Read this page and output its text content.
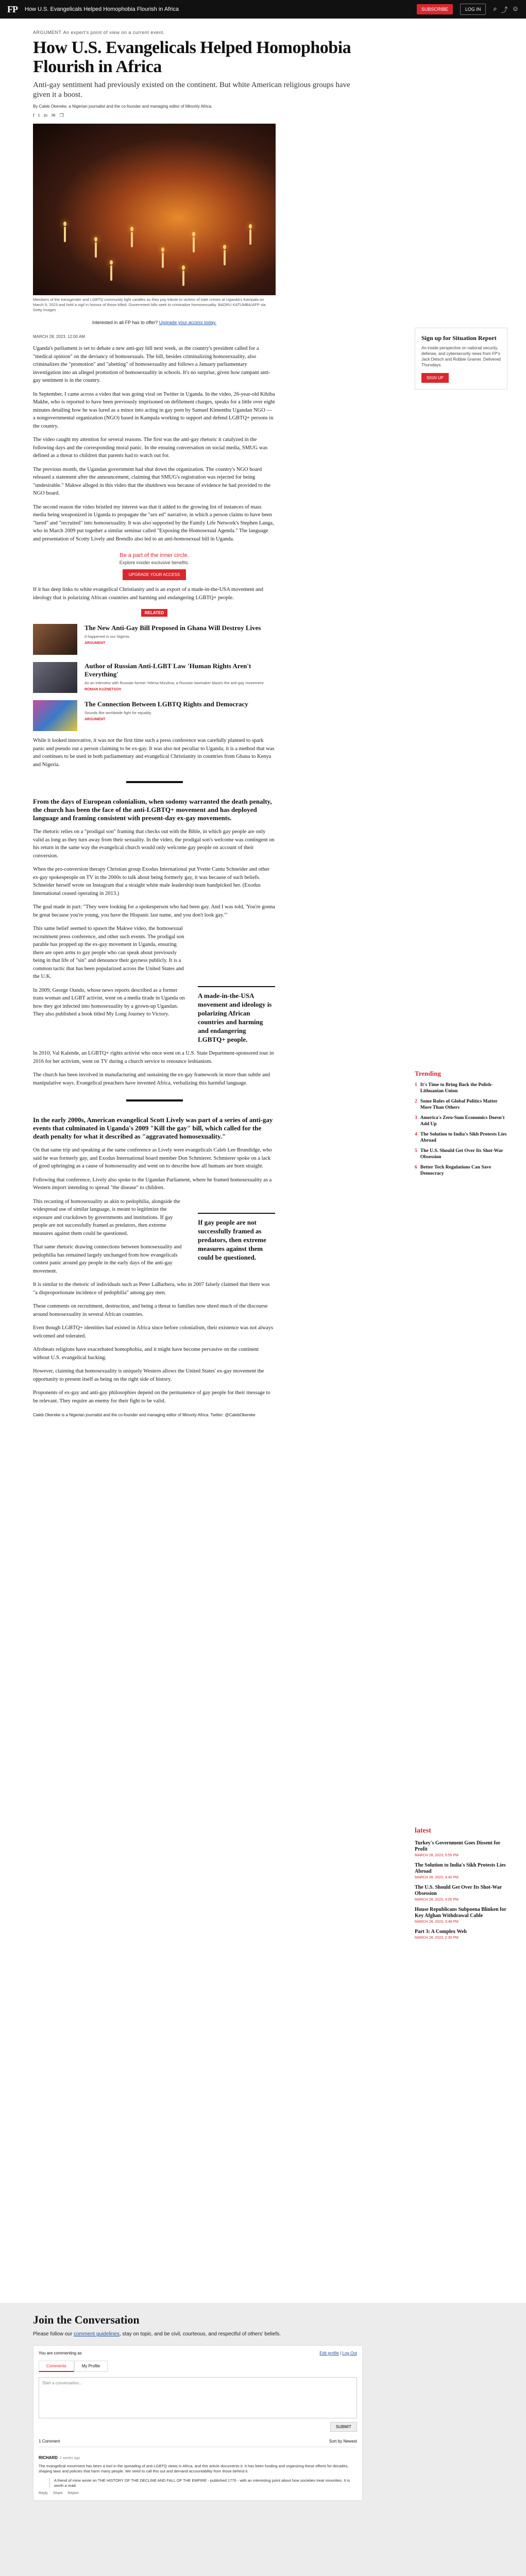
FP How U.S. Evangelicals Helped Homophobia Flourish in Africa	SUBSCRIBE	LOG IN	⌕ ⤴ ☺
ARGUMENT An expert's point of view on a current event.
How U.S. Evangelicals Helped Homophobia Flourish in Africa
Anti-gay sentiment had previously existed on the continent. But white American religious groups have given it a boost.
By Caleb Okereke, a Nigerian journalist and the co-founder and managing editor of Minority Africa.
f t in ✉ ❐
Members of the transgender and LGBTQ community light candles as they pay tribute to victims of hate crimes at Uganda's Kampala on March 9, 2023 and hold a vigil in honour of those killed. Government bills seek to criminalize homosexuality. BADRU KATUMBA/AFP via Getty Images
Interested in all FP has to offer? Upgrade your access today.
MARCH 28, 2023, 12:00 AM

Uganda's parliament is set to debate a new anti-gay bill next week, as the country's president called for a "medical opinion" on the deviancy of homosexuals. The bill, besides criminalizing homosexuality, also criminalizes the "promotion" and "abetting" of homosexuality and follows a January parliamentary investigation into an alleged promotion of homosexuality in schools. It's no surprise, given how rampant anti-gay sentiment is in the country.

In September, I came across a video that was going viral on Twitter in Uganda. In the video, 26-year-old Kibiba Makhe, who is reported to have been previously imprisoned on defilement charges, speaks for a little over eight minutes detailing how he was lured as a minor into acting in gay porn by Samuel Kimenthu Ugandan NGO — a nongovernmental organization (NGO) based in Kampala working to support and defend LGBTQ+ persons in the country.

The video caught my attention for several reasons. The first was the anti-gay rhetoric it catalyzed in the following days and the corresponding moral panic. In the ensuing conversation on social media, SMUG was defined as a threat to children that parents had to watch out for.

The previous month, the Ugandan government had shut down the organization. The country's NGO board released a statement after the announcement, claiming that SMUG's registration was rejected for being "undesirable." Makwe alleged in this video that the shutdown was because of evidence he had provided to the NGO board.

The second reason the video bristled my interest was that it added to the growing list of instances of mass media being weaponized in Uganda to propagate the "sex ed" narrative, in which a person claims to have been "lured" and "recruited" into homosexuality. It was also supported by the Family Life Network's Stephen Langa, who in March 2009 put together a similar seminar called "Exposing the Homosexual Agenda." The language and presentation of Scotty Lively and Brendlo also led to an anti-homosexual bill in Uganda.

Be a part of the inner circle.
Explore insider exclusive benefits.
UPGRADE YOUR ACCESS

If it has deep links to white evangelical Christianity and is an export of a made-in-the-USA movement and ideology that is polarizing African countries and harming and endangering LGBTQ+ people.

RELATED
The New Anti-Gay Bill Proposed in Ghana Will Destroy Lives
It happened in our Nigeria.
ARGUMENT
Author of Russian Anti-LGBT Law 'Human Rights Aren't Everything'
As an interview with Russian former Yelena Mizulina, a Russian lawmaker blazes the anti-gay movement.
ROMAN KUZNETSOV
The Connection Between LGBTQ Rights and Democracy
Sounds like worldwide fight for equality.
ARGUMENT

While it looked innovative, it was not the first time such a press conference was carefully planned to spark panic and pseudo out a person claiming to be ex-gay. It was also not peculiar to Uganda; it is a method that was and continues to be used in both parliamentary and evangelical Christianity in countries from Ghana to Kenya and Nigeria.

From the days of European colonialism, when sodomy warranted the death penalty, the church has been the face of the anti-LGBTQ+ movement and has deployed language and framing consistent with present-day ex-gay movements.

The rhetoric relies on a "prodigal son" framing that checks out with the Bible, in which gay people are only valid as long as they turn away from their sexuality. In the video, the prodigal son's welcome was contingent on his return in the same way the evangelical church would only welcome gay people on account of their conversion.

When the pro-conversion therapy Christian group Exodus International put Yvette Cantu Schneider and other ex-gay spokespeople on TV in the 2000s to talk about being formerly gay, it was because of such beliefs. Schneider herself wrote on Instagram that a straight white male leadership team handpicked her. (Exodus International ceased operating in 2013.)

The goal made in part: "They were looking for a spokesperson who had been gay. And I was told, 'You're gonna be great because you're young, you have the Hispanic last name, and you don't look gay.'"

This same belief seemed to spawn the Makwe video, the homosexual recruitment press conference, and other such events. The prodigal son parable has propped up the ex-gay movement in Uganda, ensuring there are open arms to gay people who can speak about previously being in that life of "sin" and denounce their gayness publicly. It is a common tactic that has been popularized across the United States and the U.K.

In 2009, George Oundo, whose news reports described as a former trans woman and LGBT activist, went on a media tirade in Uganda on how they got infected into homosexuality by a grown-up Ugandan. They also published a book titled My Long Journey to Victory.

A made-in-the-USA movement and ideology is polarizing African countries and harming and endangering LGBTQ+ people.

In 2010, Val Kalende, an LGBTQ+ rights activist who once went on a U.S. State Department-sponsored tour in 2016 for her activism, went on TV during a church service to renounce lesbianism.

The church has been involved in manufacturing and sustaining the ex-gay framework in more than subtle and manipulative ways. Evangelical preachers have invented Africa, verbalizing this harmful language.

In the early 2000s, American evangelical Scott Lively was part of a series of anti-gay events that culminated in Uganda's 2009 "Kill the gay" bill, which called for the death penalty for what it described as "aggravated homosexuality."

On that same trip and speaking at the same conference as Lively were evangelicals Caleb Lee Brundidge, who said he was formerly gay, and Exodus International board member Don Schmierer. Schmierer spoke on a lack of good upbringing as a cause of homosexuality and went on to describe how all humans are born straight.

Following that conference, Lively also spoke to the Ugandan Parliament, where he framed homosexuality as a Western import intending to spread "the disease" to children.

This recasting of homosexuality as akin to pedophilia, alongside the widespread use of similar language, is meant to legitimize the exposure and crackdown by governments and institutions. If gay people are not successfully framed as predators, then extreme measures against them could be questioned.

That same rhetoric drawing connections between homosexuality and pedophilia has remained largely unchanged from how evangelicals contest panic around gay people in the early days of the anti-gay movement.

If gay people are not successfully framed as predators, then extreme measures against them could be questioned.

It is similar to the rhetoric of individuals such as Peter LaBarbera, who in 2007 falsely claimed that there was "a disproportionate incidence of pedophilia" among gay men.

These comments on recruitment, destruction, and being a threat to families now shred much of the discourse around homosexuality in several African countries.

Even though LGBTQ+ identities had existed in Africa since before colonialism, their existence was not always welcomed and tolerated.

Afrobeats religions have exacerbated homophobia, and it might have become pervasive on the continent without U.S. evangelical backing.

However, claiming that homosexuality is uniquely Western allows the United States' ex-gay movement the opportunity to present itself as being on the right side of history.

Proponents of ex-gay and anti-gay philosophies depend on the permanence of gay people for their message to be relevant. They require an enemy for their fight to be valid.

Caleb Okereke is a Nigerian journalist and the co-founder and managing editor of Minority Africa. Twitter: @CalebOkereke
Sign up for Situation Report
An inside perspective on national security, defense, and cybersecurity news from FP's Jack Detsch and Robbie Gramer. Delivered Thursdays.
SIGN UP
Trending
1 It's Time to Bring Back the Polish-Lithuanian Union
2 Some Rules of Global Politics Matter More Than Others
3 America's Zero-Sum Economics Doesn't Add Up
4 The Solution to India's Sikh Protests Lies Abroad
5 The U.S. Should Get Over Its Shot-War Obsession
6 Better Tech Regulations Can Save Democracy
latest
Turkey's Government Goes Dissent for Profit
MARCH 28, 2023, 5:55 PM
The Solution to India's Sikh Protests Lies Abroad
MARCH 28, 2023, 4:40 PM
The U.S. Should Get Over Its Shot-War Obsession
MARCH 28, 2023, 4:05 PM
House Republicans Subpoena Blinken for Key Afghan Withdrawal Cable
MARCH 28, 2023, 3:48 PM
Part 3: A Complex Web
MARCH 28, 2023, 2:30 PM
Join the Conversation
Please follow our comment guidelines, stay on topic, and be civil, courteous, and respectful of others' beliefs.
You are commenting as	Edit profile | Log Out
Comments	My Profile
Start a conversation...
SUBMIT
1 Comment	Sort by Newest
RICHARD 2 weeks ago
The evangelical movement has been a tool in the spreading of anti-LGBTQ views in Africa, and this article documents it. It has been funding and organizing these efforts for decades, shaping laws and policies that harm many people. We need to call this out and demand accountability from those behind it.
A friend of mine wrote on THE HISTORY OF THE DECLINE AND FALL OF THE EMPIRE - published 1776 - with an interesting point about how societies treat minorities. It is worth a read.
Reply Share Report
